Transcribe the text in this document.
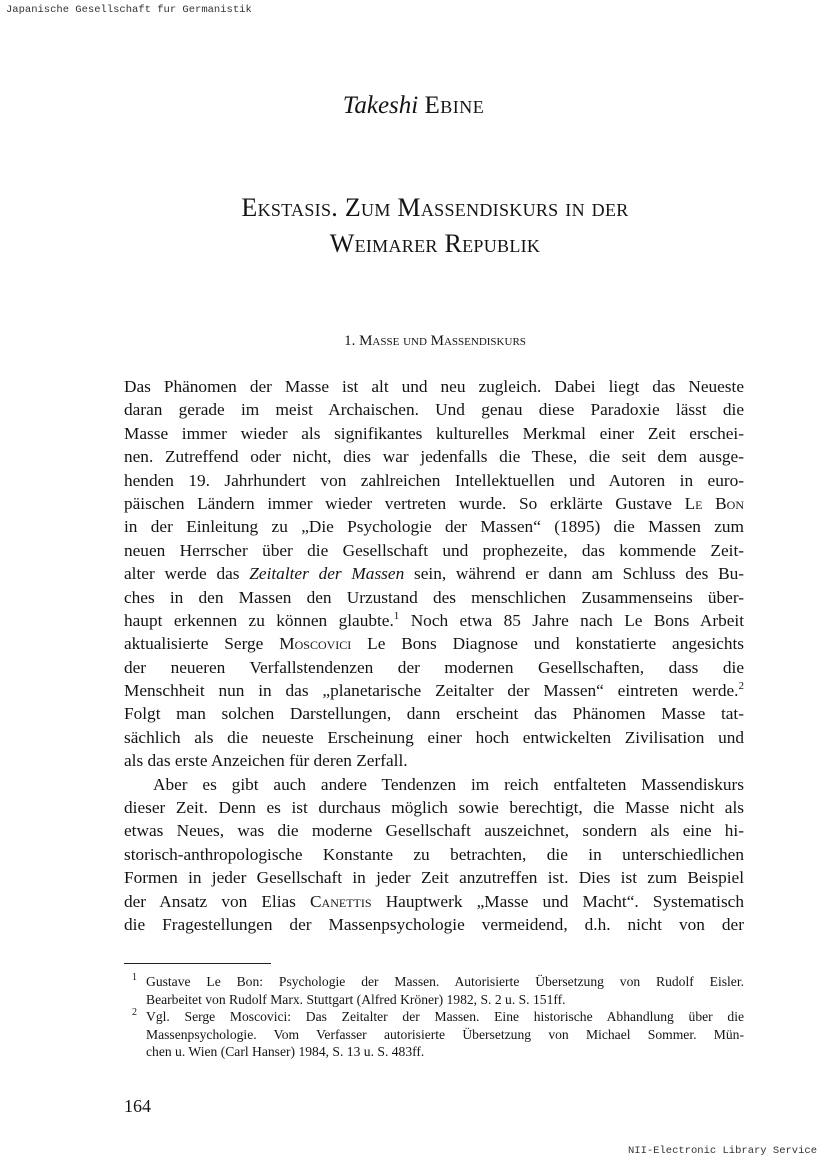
Japanische Gesellschaft fur Germanistik
Takeshi Ebine
Ekstasis. Zum Massendiskurs in der
Weimarer Republik
1. Masse und Massendiskurs
Das Phänomen der Masse ist alt und neu zugleich. Dabei liegt das Neueste
daran gerade im meist Archaischen. Und genau diese Paradoxie lässt die
Masse immer wieder als signifikantes kulturelles Merkmal einer Zeit erschei-
nen. Zutreffend oder nicht, dies war jedenfalls die These, die seit dem ausge-
henden 19. Jahrhundert von zahlreichen Intellektuellen und Autoren in euro-
päischen Ländern immer wieder vertreten wurde. So erklärte Gustave Le Bon
in der Einleitung zu „Die Psychologie der Massen“ (1895) die Massen zum
neuen Herrscher über die Gesellschaft und prophezeite, das kommende Zeit-
alter werde das Zeitalter der Massen sein, während er dann am Schluss des Bu-
ches in den Massen den Urzustand des menschlichen Zusammenseins über-
haupt erkennen zu können glaubte.$^1$ Noch etwa 85 Jahre nach Le Bons Arbeit
aktualisierte Serge Moscovici Le Bons Diagnose und konstatierte angesichts
der neueren Verfallstendenzen der modernen Gesellschaften, dass die
Menschheit nun in das „planetarische Zeitalter der Massen“ eintreten werde.$^2$
Folgt man solchen Darstellungen, dann erscheint das Phänomen Masse tat-
sächlich als die neueste Erscheinung einer hoch entwickelten Zivilisation und
als das erste Anzeichen für deren Zerfall.
Aber es gibt auch andere Tendenzen im reich entfalteten Massendiskurs
dieser Zeit. Denn es ist durchaus möglich sowie berechtigt, die Masse nicht als
etwas Neues, was die moderne Gesellschaft auszeichnet, sondern als eine hi-
storisch-anthropologische Konstante zu betrachten, die in unterschiedlichen
Formen in jeder Gesellschaft in jeder Zeit anzutreffen ist. Dies ist zum Beispiel
der Ansatz von Elias Canettis Hauptwerk „Masse und Macht“. Systematisch
die Fragestellungen der Massenpsychologie vermeidend, d.h. nicht von der
1 Gustave Le Bon: Psychologie der Massen. Autorisierte Übersetzung von Rudolf Eisler.
Bearbeitet von Rudolf Marx. Stuttgart (Alfred Kröner) 1982, S. 2 u. S. 151ff.
2 Vgl. Serge Moscovici: Das Zeitalter der Massen. Eine historische Abhandlung über die
Massenpsychologie. Vom Verfasser autorisierte Übersetzung von Michael Sommer. Mün-
chen u. Wien (Carl Hanser) 1984, S. 13 u. S. 483ff.
164
NII-Electronic Library Service
